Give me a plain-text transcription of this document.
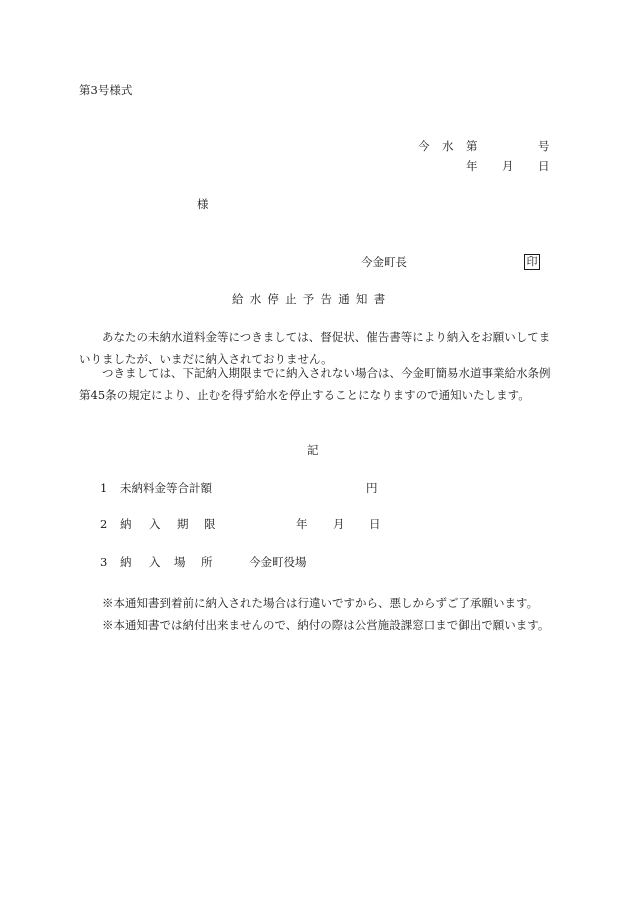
第3号様式
今 水 第	号
年 月 日
様
今金町長	印
給水停止予告通知書

あなたの未納水道料金等につきましては、督促状、催告書等により納入をお願いしてまいりましたが、いまだに納入されておりません。

つきましては、下記納入期限までに納入されない場合は、今金町簡易水道事業給水条例第45条の規定により、止むを得ず給水を停止することになりますので通知いたします。

記
1 未納料金等合計額	円
2 納 入 期 限	年 月 日
3 納 入 場 所	今金町役場
※本通知書到着前に納入された場合は行違いですから、悪しからずご了承願います。
※本通知書では納付出来ませんので、納付の際は公営施設課窓口まで御出で願います。
